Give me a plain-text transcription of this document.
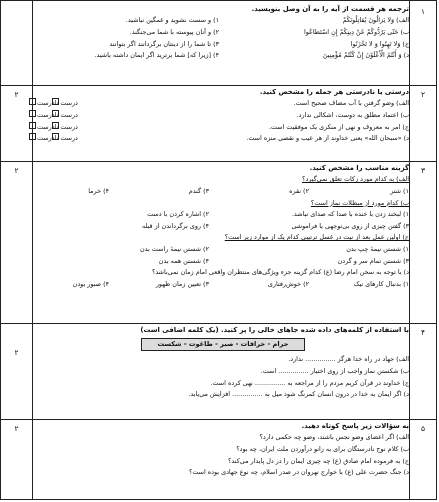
۱
۲
۳
۴
۵
۲
۲
۲
۲
ترجمه هر قسمت از آیه را به آن وصل بنویسید.
الف) وَلا یَزالُونَ یُقاتِلُونَکُمْ
۱) و سست نشوید و غمگین نباشید.
ب) حَتّی یَرُدُّوکُمْ عَنْ دِینِکُمْ إِنِ اسْتَطاعُوا
۲) و آنان پیوسته با شما می‌جنگند.
ج) وَلا تَهِنُوا وَ لا تَحْزَنُوا
۳) تا شما را از دینتان برگردانند اگر بتوانند
د) وَ أَنْتُمُ الْأَعْلَوْنَ إِنْ کُنْتُمْ مُؤْمِنِینَ
۴) [زیرا که] شما برترید اگر ایمان داشته باشید.
درستی یا نادرستی هر جمله را مشخص کنید.
الف) وضو گرفتن با آب مضاف صحیح است.
درست
نادرست
ب) اعتماد مطلق به دوست، اشکالی ندارد.
درست
نادرست
ج) امر به معروف و نهی از منکری یک موفقیت است.
درست
نادرست
د) «سبحان الله» یعنی خداوند از هر عیب و نقصی منزه است.
درست
نادرست
گزینه مناسب را مشخص کنید.
الف) به کدام مورد زکات تعلق نمی‌گیرد؟
۱) شتر
۲) نقره
۳) گندم
۴) خرما
ب) کدام مورد از مبطلات نماز است؟
۱) لبخند زدن با خنده با صدا که صدای نباشد.
۲) اشاره کردن با دست
۳) گفتن چیزی از روی بی‌توجهی یا فراموشی
۴) روی برگرداندن از قبله
ج) اولین عمل بعد از نیت در غسل ترتیبی کدام یک از موارد زیر است؟
۱) شستن نیمهٔ چپ بدن
۲) شستن نیمهٔ راست بدن
۳) شستن تمام سر و گردن
۴) شستن همه بدن
د) با توجه به سخن امام رضا (ع) کدام گزینه جزء ویژگی‌های منتظران واقعی امام زمان نمی‌باشد؟
۱) بدنبال کارهای نیک
۲) خوش‌رفتاری
۳) تعیین زمان ظهور
۴) صبور بودن
با استفاده از کلمه‌های داده شده جاهای خالی را پر کنید. (یک کلمه اضافی است)
حرام - خرافات - صبر - طاغوت - شکست
الف) جهاد در راه خدا هرگز ............... ندارد.
ب) شکستن نماز واجب از روی اختیار ............... است.
ج) خداوند در قرآن کریم مردم را از مراجعه به ............... نهی کرده است.
د) اگر ایمان به خدا در درون انسان کمرنگ شود میل به ............... افزایش می‌یابد.
به سؤالات زیر پاسخ کوتاه دهید.
الف) اگر اعضای وضو نجس باشند، وضو چه حکمی دارد؟
ب) کلام نوح نادرستگان برای به زانو درآوردن ملت ایران، چه بود؟
ج) به فرموده امام صادق (ع) چه چیزی ایمان را در دل پایدار می‌کند؟
د) جنگ حضرت علی (ع) با خوارج نهروان در صدر اسلام، چه نوع جهادی بوده است؟
